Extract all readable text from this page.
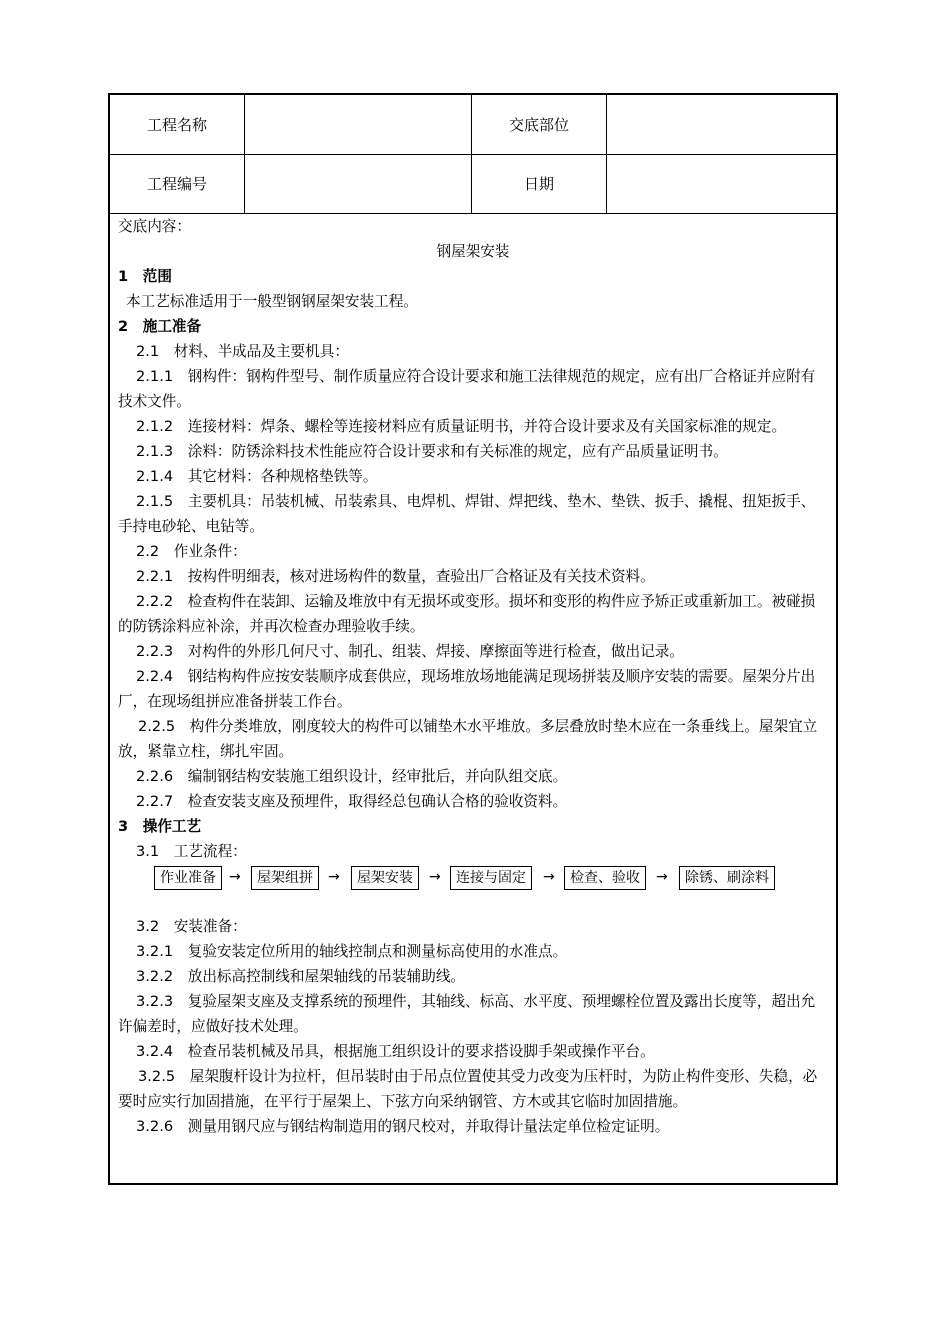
工程名称	交底部位
工程编号	日期
交底内容：
钢屋架安装
1　范围
本工艺标准适用于一般型钢钢屋架安装工程。
2　施工准备
2.1　材料、半成品及主要机具：
2.1.1　钢构件：钢构件型号、制作质量应符合设计要求和施工法律规范的规定，应有出厂合格证并应附有技术文件。
2.1.2　连接材料：焊条、螺栓等连接材料应有质量证明书，并符合设计要求及有关国家标准的规定。
2.1.3　涂料：防锈涂料技术性能应符合设计要求和有关标准的规定，应有产品质量证明书。
2.1.4　其它材料：各种规格垫铁等。
2.1.5　主要机具：吊装机械、吊装索具、电焊机、焊钳、焊把线、垫木、垫铁、扳手、撬棍、扭矩扳手、手持电砂轮、电钻等。
2.2　作业条件：
2.2.1　按构件明细表，核对进场构件的数量，查验出厂合格证及有关技术资料。
2.2.2　检查构件在装卸、运输及堆放中有无损坏或变形。损坏和变形的构件应予矫正或重新加工。被碰损的防锈涂料应补涂，并再次检查办理验收手续。
2.2.3　对构件的外形几何尺寸、制孔、组装、焊接、摩擦面等进行检查，做出记录。
2.2.4　钢结构构件应按安装顺序成套供应，现场堆放场地能满足现场拼装及顺序安装的需要。屋架分片出厂，在现场组拼应准备拼装工作台。
2.2.5　构件分类堆放，刚度较大的构件可以铺垫木水平堆放。多层叠放时垫木应在一条垂线上。屋架宜立放，紧靠立柱，绑扎牢固。
2.2.6　编制钢结构安装施工组织设计，经审批后，并向队组交底。
2.2.7　检查安装支座及预埋件，取得经总包确认合格的验收资料。
3　操作工艺
3.1　工艺流程：
作业准备 →	屋架组拼	→	屋架安装	→	连接与固定	→	检查、验收	→	除锈、刷涂料
3.2　安装准备：
3.2.1　复验安装定位所用的轴线控制点和测量标高使用的水准点。
3.2.2　放出标高控制线和屋架轴线的吊装辅助线。
3.2.3　复验屋架支座及支撑系统的预埋件，其轴线、标高、水平度、预埋螺栓位置及露出长度等，超出允许偏差时，应做好技术处理。
3.2.4　检查吊装机械及吊具，根据施工组织设计的要求搭设脚手架或操作平台。
3.2.5　屋架腹杆设计为拉杆，但吊装时由于吊点位置使其受力改变为压杆时，为防止构件变形、失稳，必要时应实行加固措施，在平行于屋架上、下弦方向采纳钢管、方木或其它临时加固措施。
3.2.6　测量用钢尺应与钢结构制造用的钢尺校对，并取得计量法定单位检定证明。
